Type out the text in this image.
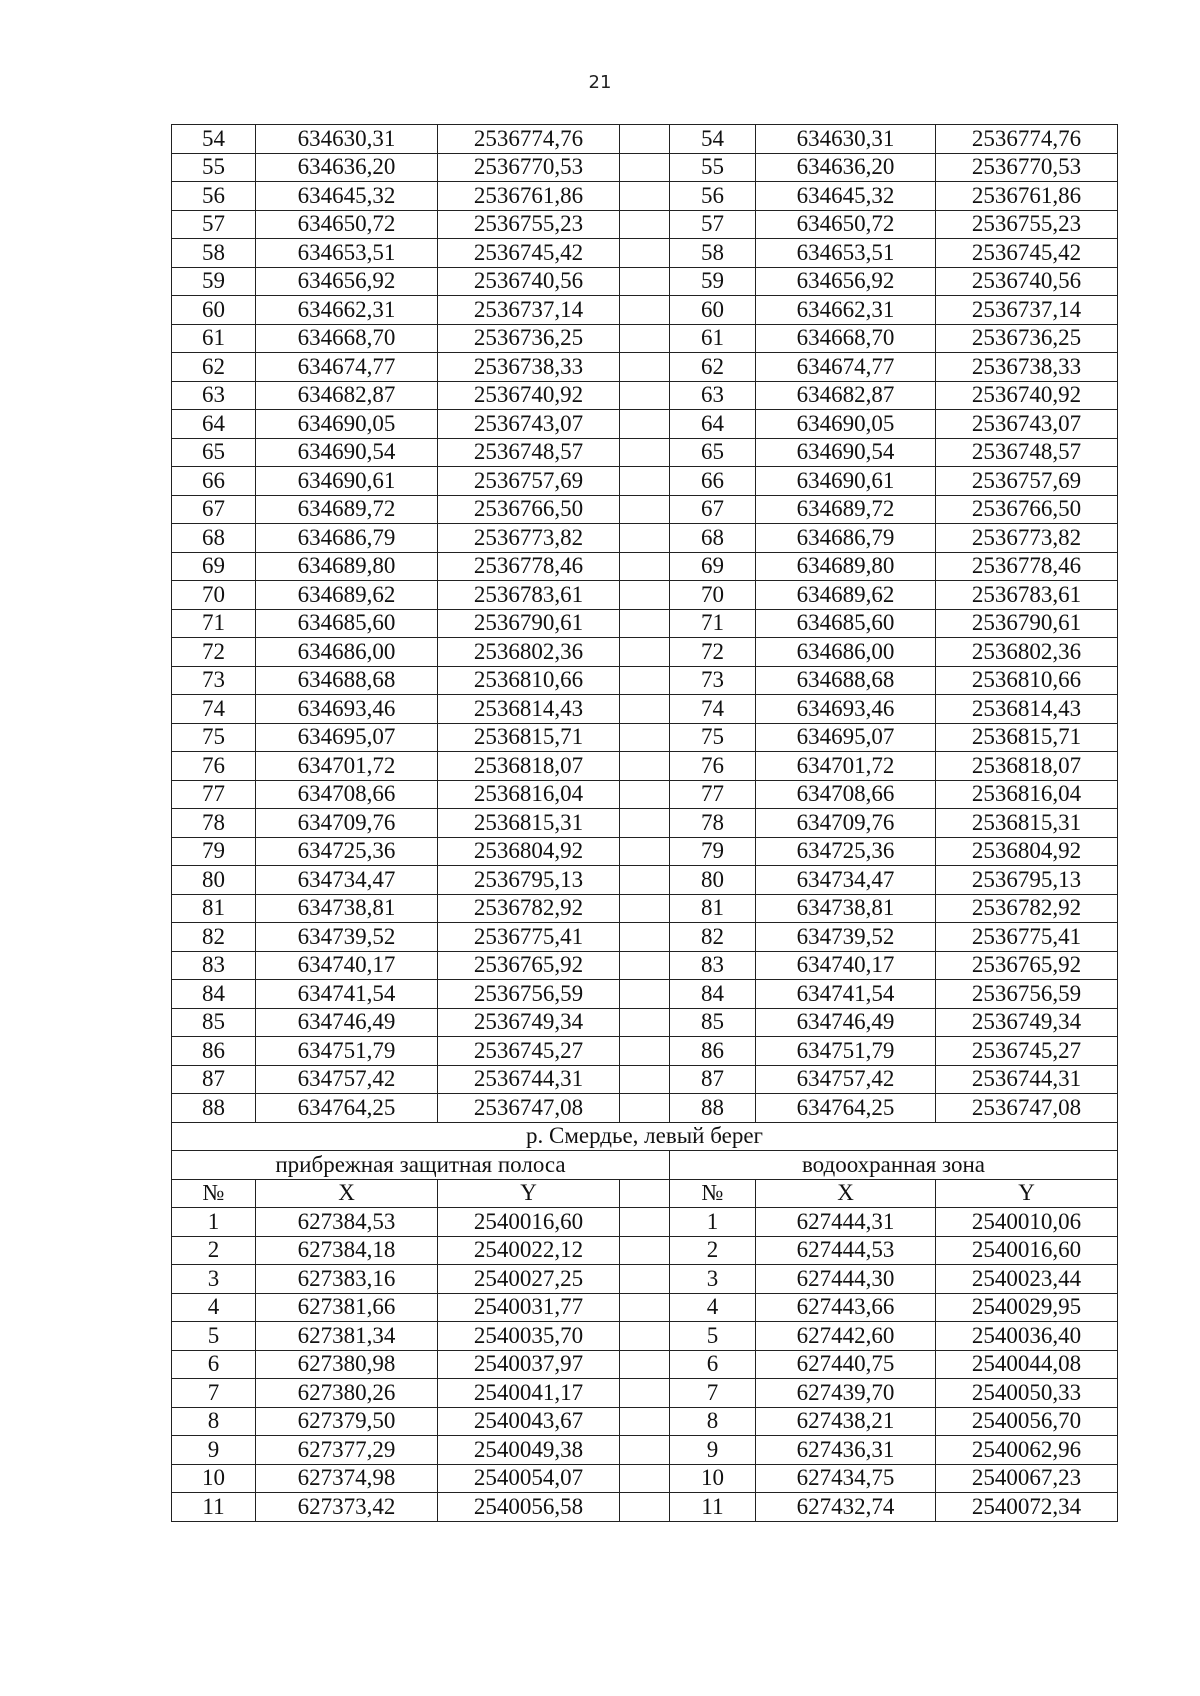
21
54	634630,31	2536774,76		54	634630,31	2536774,76
55	634636,20	2536770,53		55	634636,20	2536770,53
56	634645,32	2536761,86		56	634645,32	2536761,86
57	634650,72	2536755,23		57	634650,72	2536755,23
58	634653,51	2536745,42		58	634653,51	2536745,42
59	634656,92	2536740,56		59	634656,92	2536740,56
60	634662,31	2536737,14		60	634662,31	2536737,14
61	634668,70	2536736,25		61	634668,70	2536736,25
62	634674,77	2536738,33		62	634674,77	2536738,33
63	634682,87	2536740,92		63	634682,87	2536740,92
64	634690,05	2536743,07		64	634690,05	2536743,07
65	634690,54	2536748,57		65	634690,54	2536748,57
66	634690,61	2536757,69		66	634690,61	2536757,69
67	634689,72	2536766,50		67	634689,72	2536766,50
68	634686,79	2536773,82		68	634686,79	2536773,82
69	634689,80	2536778,46		69	634689,80	2536778,46
70	634689,62	2536783,61		70	634689,62	2536783,61
71	634685,60	2536790,61		71	634685,60	2536790,61
72	634686,00	2536802,36		72	634686,00	2536802,36
73	634688,68	2536810,66		73	634688,68	2536810,66
74	634693,46	2536814,43		74	634693,46	2536814,43
75	634695,07	2536815,71		75	634695,07	2536815,71
76	634701,72	2536818,07		76	634701,72	2536818,07
77	634708,66	2536816,04		77	634708,66	2536816,04
78	634709,76	2536815,31		78	634709,76	2536815,31
79	634725,36	2536804,92		79	634725,36	2536804,92
80	634734,47	2536795,13		80	634734,47	2536795,13
81	634738,81	2536782,92		81	634738,81	2536782,92
82	634739,52	2536775,41		82	634739,52	2536775,41
83	634740,17	2536765,92		83	634740,17	2536765,92
84	634741,54	2536756,59		84	634741,54	2536756,59
85	634746,49	2536749,34		85	634746,49	2536749,34
86	634751,79	2536745,27		86	634751,79	2536745,27
87	634757,42	2536744,31		87	634757,42	2536744,31
88	634764,25	2536747,08		88	634764,25	2536747,08
р. Смердье, левый берег						
прибрежная защитная полоса				водоохранная зона		
№	X	Y		№	X	Y
1	627384,53	2540016,60		1	627444,31	2540010,06
2	627384,18	2540022,12		2	627444,53	2540016,60
3	627383,16	2540027,25		3	627444,30	2540023,44
4	627381,66	2540031,77		4	627443,66	2540029,95
5	627381,34	2540035,70		5	627442,60	2540036,40
6	627380,98	2540037,97		6	627440,75	2540044,08
7	627380,26	2540041,17		7	627439,70	2540050,33
8	627379,50	2540043,67		8	627438,21	2540056,70
9	627377,29	2540049,38		9	627436,31	2540062,96
10	627374,98	2540054,07		10	627434,75	2540067,23
11	627373,42	2540056,58		11	627432,74	2540072,34
